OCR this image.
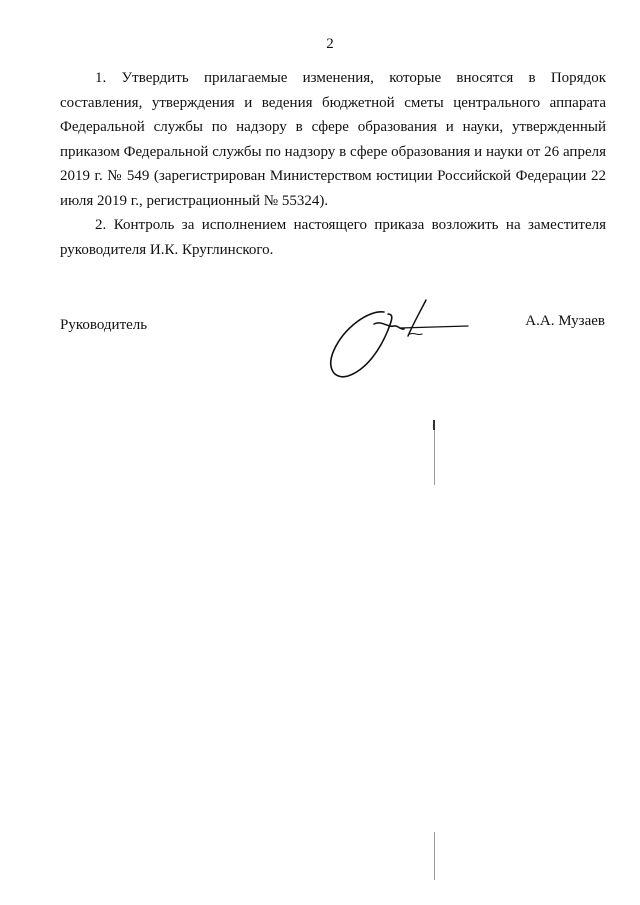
2

1. Утвердить прилагаемые изменения, которые вносятся в Порядок составления, утверждения и ведения бюджетной сметы центрального аппарата Федеральной службы по надзору в сфере образования и науки, утвержденный приказом Федеральной службы по надзору в сфере образования и науки от 26 апреля 2019 г. № 549 (зарегистрирован Министерством юстиции Российской Федерации 22 июля 2019 г., регистрационный № 55324).

2. Контроль за исполнением настоящего приказа возложить на заместителя руководителя И.К. Круглинского.

Руководитель	А.А. Музаев
